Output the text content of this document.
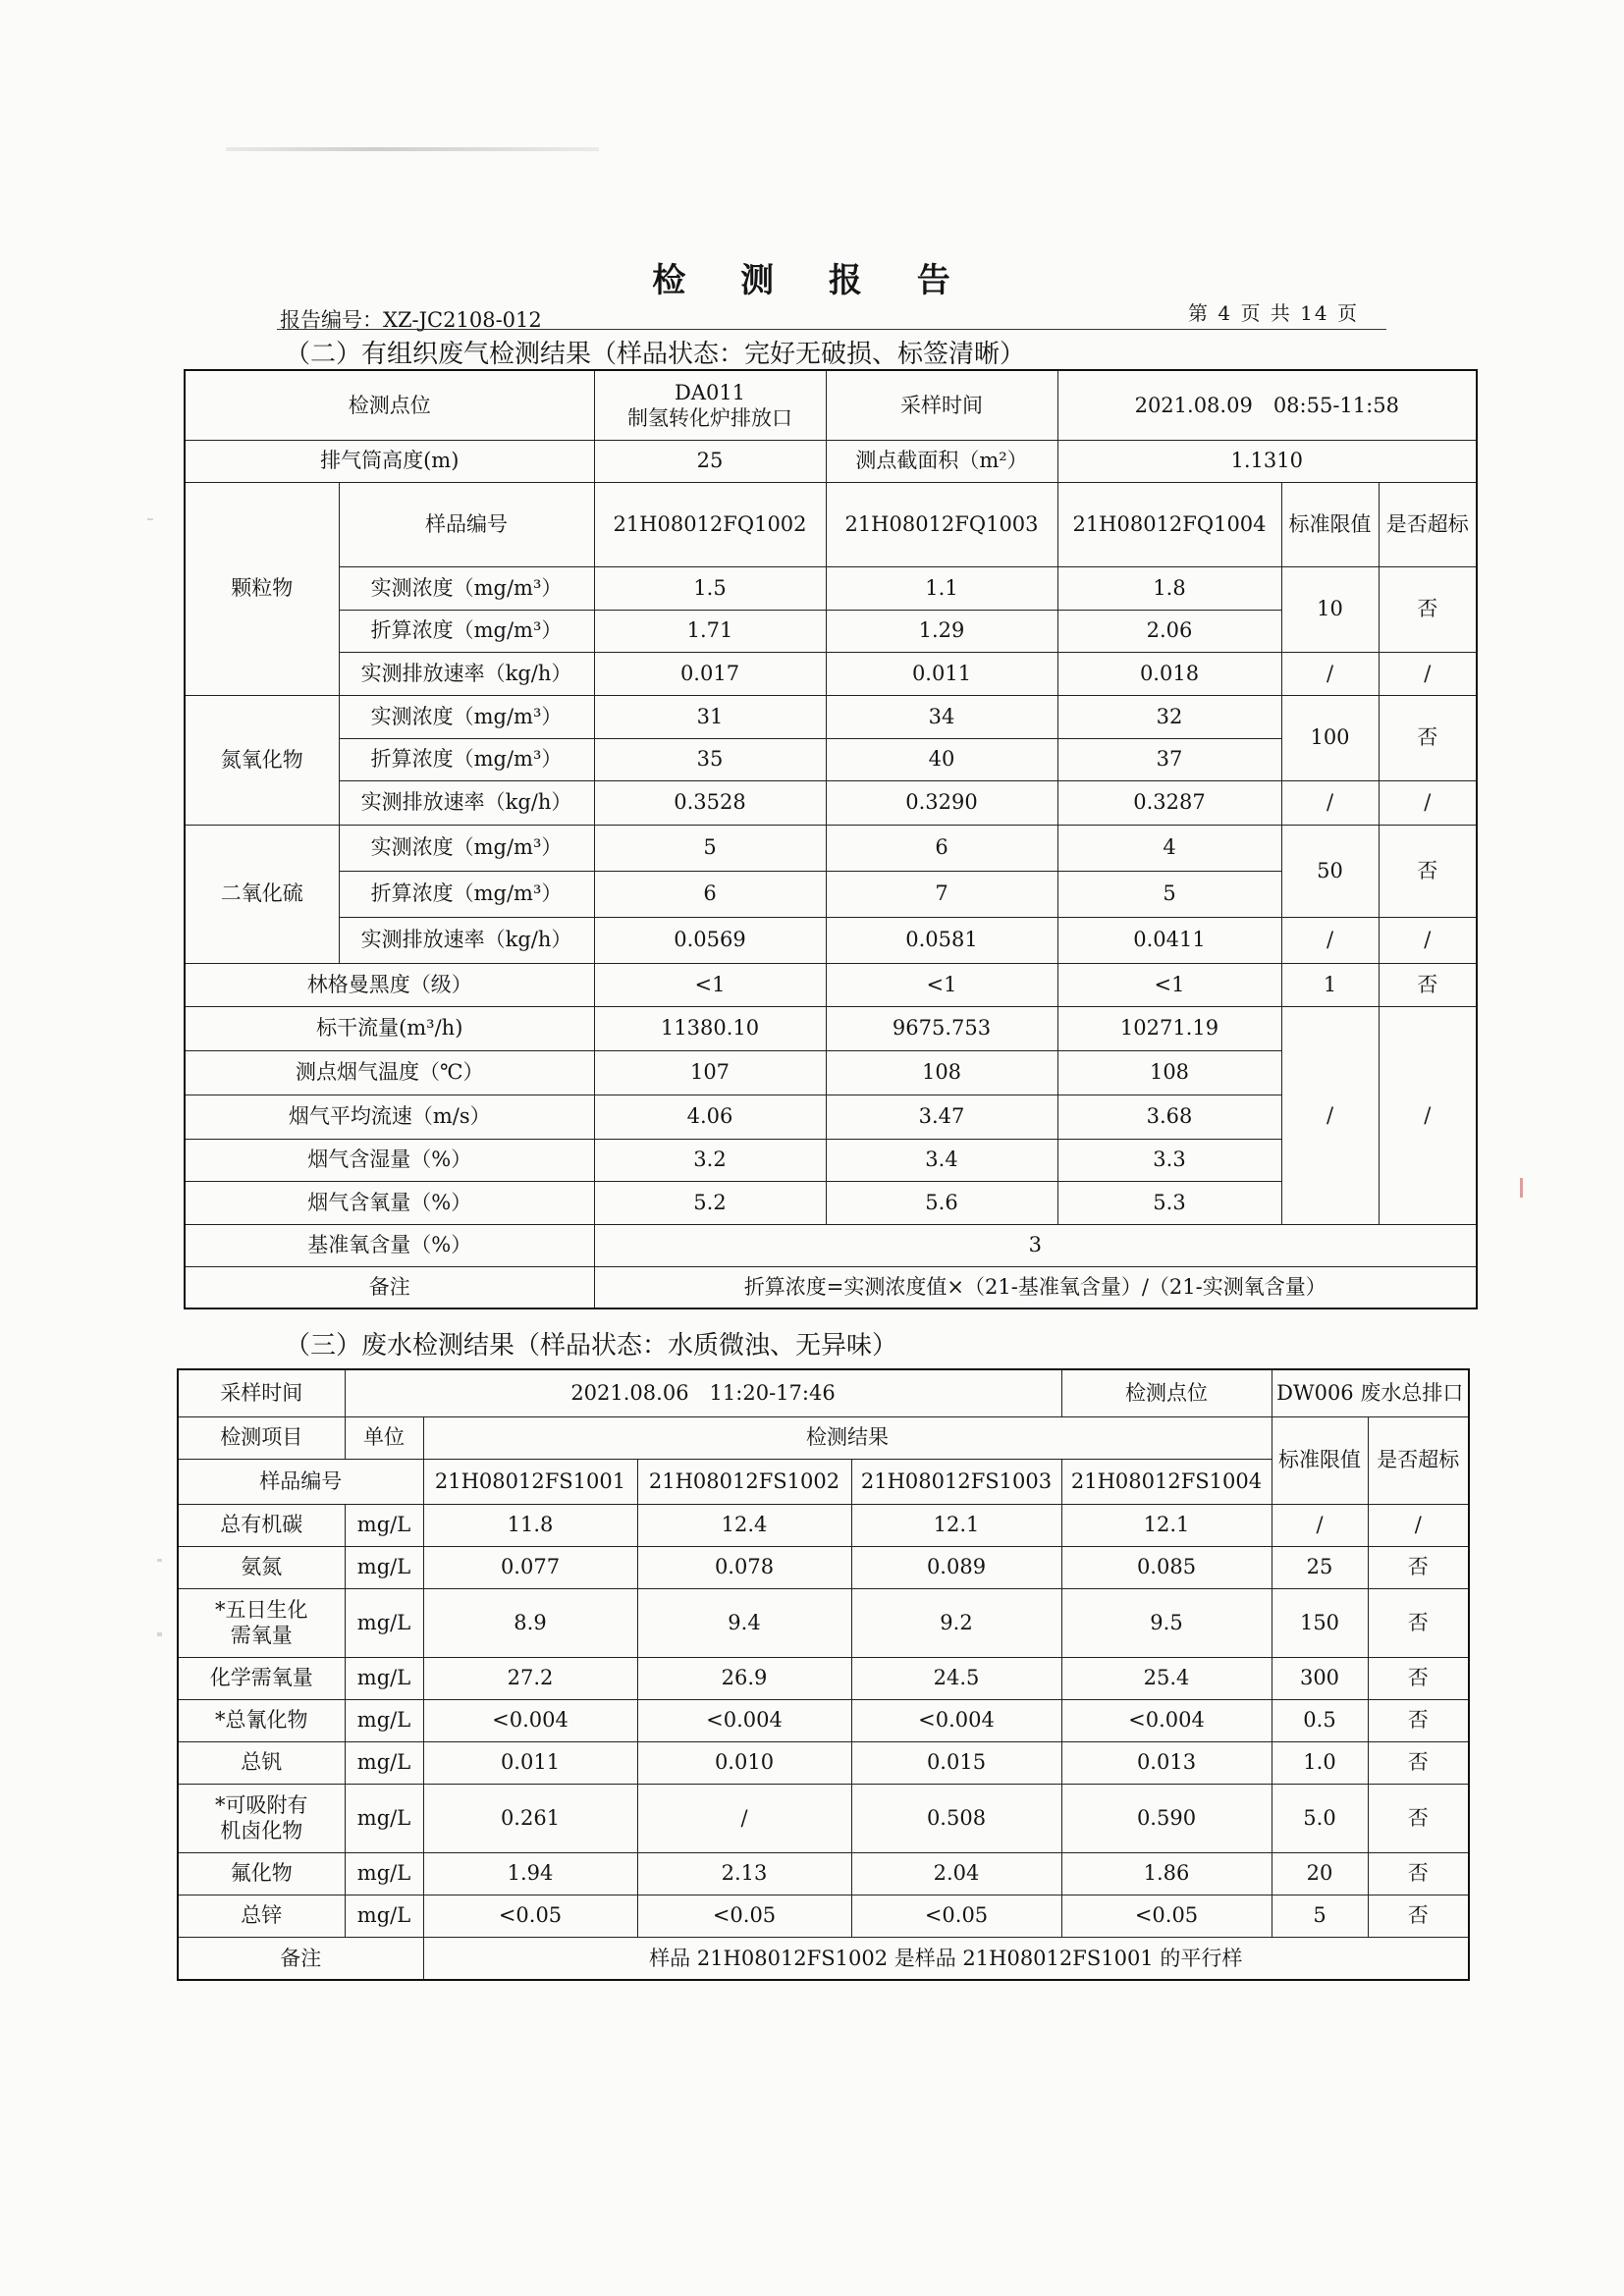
检 测 报 告
报告编号：XZ-JC2108-012	第 4 页 共 14 页
（二）有组织废气检测结果（样品状态：完好无破损、标签清晰）
检测点位		DA011
制氢转化炉排放口	采样时间	2021.08.09　08:55-11:58		
排气筒高度(m)		25	测点截面积（m²）	1.1310		
颗粒物	样品编号	21H08012FQ1002	21H08012FQ1003	21H08012FQ1004	标准限值	是否超标
	实测浓度（mg/m³）	1.5	1.1	1.8	10	否
	折算浓度（mg/m³）	1.71	1.29	2.06		
	实测排放速率（kg/h）	0.017	0.011	0.018	/	/
氮氧化物	实测浓度（mg/m³）	31	34	32	100	否
	折算浓度（mg/m³）	35	40	37		
	实测排放速率（kg/h）	0.3528	0.3290	0.3287	/	/
二氧化硫	实测浓度（mg/m³）	5	6	4	50	否
	折算浓度（mg/m³）	6	7	5		
	实测排放速率（kg/h）	0.0569	0.0581	0.0411	/	/
林格曼黑度（级）		<1	<1	<1	1	否
标干流量(m³/h)		11380.10	9675.753	10271.19	/	/
测点烟气温度（℃）		107	108	108		
烟气平均流速（m/s）		4.06	3.47	3.68		
烟气含湿量（%）		3.2	3.4	3.3		
烟气含氧量（%）		5.2	5.6	5.3		
基准氧含量（%）		3				
备注		折算浓度=实测浓度值×（21-基准氧含量）/（21-实测氧含量）				
（三）废水检测结果（样品状态：水质微浊、无异味）
采样时间	2021.08.06　11:20-17:46				检测点位	DW006 废水总排口	
检测项目	单位	检测结果				标准限值	是否超标
样品编号		21H08012FS1001	21H08012FS1002	21H08012FS1003	21H08012FS1004		
总有机碳	mg/L	11.8	12.4	12.1	12.1	/	/
氨氮	mg/L	0.077	0.078	0.089	0.085	25	否

*五日生化需氧量	mg/L	8.9	9.4	9.2	9.5	150	否
化学需氧量	mg/L	27.2	26.9	24.5	25.4	300	否
*总氰化物	mg/L	<0.004	<0.004	<0.004	<0.004	0.5	否
总钒	mg/L	0.011	0.010	0.015	0.013	1.0	否

*可吸附有机卤化物	mg/L	0.261	/	0.508	0.590	5.0	否
氟化物	mg/L	1.94	2.13	2.04	1.86	20	否
总锌	mg/L	<0.05	<0.05	<0.05	<0.05	5	否
备注		样品 21H08012FS1002 是样品 21H08012FS1001 的平行样					
